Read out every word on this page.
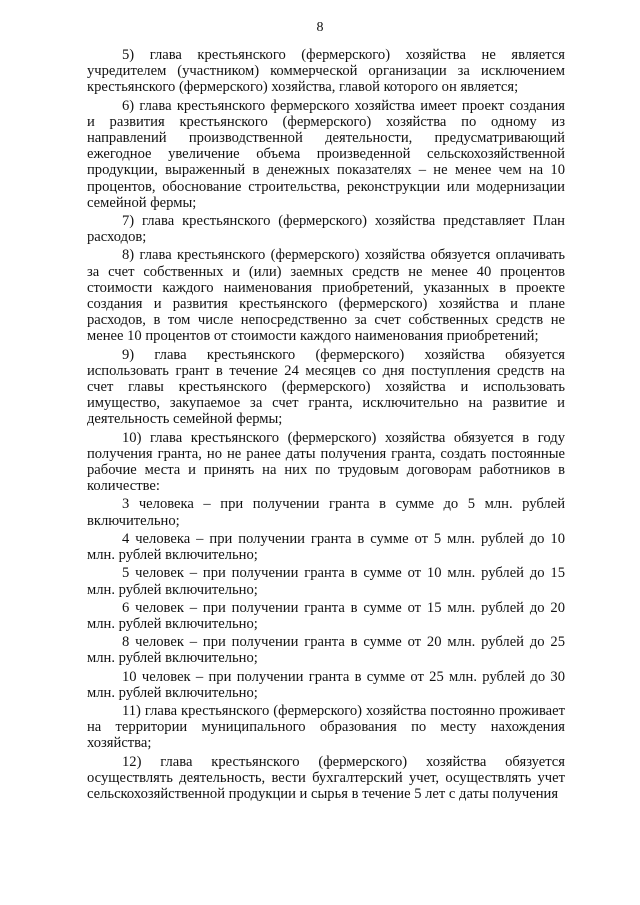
8

5) глава крестьянского (фермерского) хозяйства не является учредителем (участником) коммерческой организации за исключением крестьянского (фермерского) хозяйства, главой которого он является;

6) глава крестьянского фермерского хозяйства имеет проект создания и развития крестьянского (фермерского) хозяйства по одному из направлений производственной деятельности, предусматривающий ежегодное увеличение объема произведенной сельскохозяйственной продукции, выраженный в денежных показателях – не менее чем на 10 процентов, обоснование строительства, реконструкции или модернизации семейной фермы;

7) глава крестьянского (фермерского) хозяйства представляет План расходов;

8) глава крестьянского (фермерского) хозяйства обязуется оплачивать за счет собственных и (или) заемных средств не менее 40 процентов стоимости каждого наименования приобретений, указанных в проекте создания и развития крестьянского (фермерского) хозяйства и плане расходов, в том числе непосредственно за счет собственных средств не менее 10 процентов от стоимости каждого наименования приобретений;

9) глава крестьянского (фермерского) хозяйства обязуется использовать грант в течение 24 месяцев со дня поступления средств на счет главы крестьянского (фермерского) хозяйства и использовать имущество, закупаемое за счет гранта, исключительно на развитие и деятельность семейной фермы;

10) глава крестьянского (фермерского) хозяйства обязуется в году получения гранта, но не ранее даты получения гранта, создать постоянные рабочие места и принять на них по трудовым договорам работников в количестве:

3 человека – при получении гранта в сумме до 5 млн. рублей включительно;

4 человека – при получении гранта в сумме от 5 млн. рублей до 10 млн. рублей включительно;

5 человек – при получении гранта в сумме от 10 млн. рублей до 15 млн. рублей включительно;

6 человек – при получении гранта в сумме от 15 млн. рублей до 20 млн. рублей включительно;

8 человек – при получении гранта в сумме от 20 млн. рублей до 25 млн. рублей включительно;

10 человек – при получении гранта в сумме от 25 млн. рублей до 30 млн. рублей включительно;

11) глава крестьянского (фермерского) хозяйства постоянно проживает на территории муниципального образования по месту нахождения хозяйства;

12) глава крестьянского (фермерского) хозяйства обязуется осуществлять деятельность, вести бухгалтерский учет, осуществлять учет сельскохозяйственной продукции и сырья в течение 5 лет с даты получения
